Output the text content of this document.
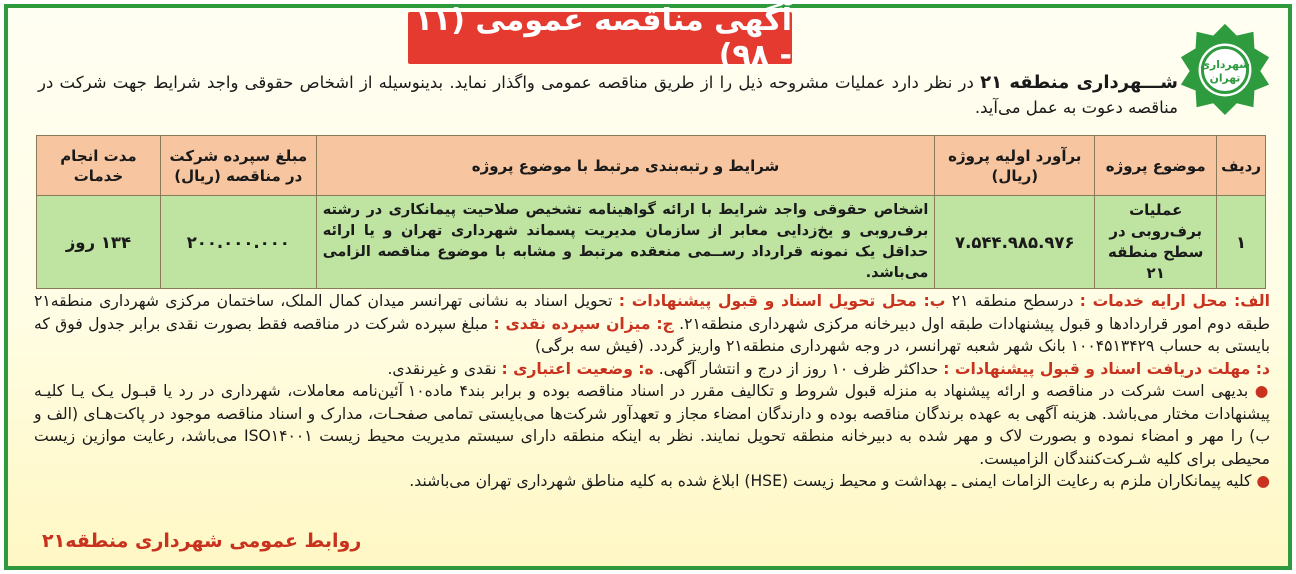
شهرداری
تهران
آگهی مناقصه عمومی (۱۱ - ۹۸)
شـــهرداری منطقه ۲۱ در نظر دارد عملیات مشروحه ذیل را از طریق مناقصه عمومی واگذار نماید. بدینوسیله از اشخاص حقوقی واجد شرایط جهت شرکت در مناقصه دعوت به عمل می‌آید.
ردیف	موضوع پروژه	برآورد اولیه پروژه (ریال)	شرایط و رتبه‌بندی مرتبط با موضوع پروژه	مبلغ سپرده شرکت در مناقصه (ریال)	مدت انجام خدمات
۱	عملیات برف‌روبی در سطح منطقه ۲۱	۷.۵۴۴.۹۸۵.۹۷۶	اشخاص حقوقی واجد شرایط با ارائه گواهینامه تشخیص صلاحیت پیمانکاری در رشته برف‌روبی و یخ‌زدایی معابر از سازمان مدیریت پسماند شهرداری تهران و یا ارائه حداقل یک نمونه قرارداد رســمی منعقده مرتبط و مشابه با موضوع مناقصه الزامی می‌باشد.	۲۰۰.۰۰۰.۰۰۰	۱۳۴ روز

الف: محل ارایه خدمات : درسطح منطقه ۲۱ ب: محل تحویل اسناد و قبول پیشنهادات : تحویل اسناد به نشانی تهرانسر میدان کمال الملک، ساختمان مرکزی شهرداری منطقه۲۱ طبقه دوم امور قراردادها و قبول پیشنهادات طبقه اول دبیرخانه مرکزی شهرداری منطقه۲۱. ج: میزان سپرده نقدی : مبلغ سپرده شرکت در مناقصه فقط بصورت نقدی برابر جدول فوق که بایستی به حساب ۱۰۰۴۵۱۳۴۲۹ بانک شهر شعبه تهرانسر، در وجه شهرداری منطقه۲۱ واریز گردد. (فیش سه برگی)

د: مهلت دریافت اسناد و قبول پیشنهادات : حداکثر ظرف ۱۰ روز از درج و انتشار آگهی. ه: وضعیت اعتباری : نقدی و غیرنقدی.

● بدیهی است شرکت در مناقصه و ارائه پیشنهاد به منزله قبول شروط و تکالیف مقرر در اسناد مناقصه بوده و برابر بند۴ ماده۱۰ آئین‌نامه معاملات، شهرداری در رد یا قبـول یـک یـا کلیـه پیشنهادات مختار می‌باشد. هزینه آگهی به عهده برندگان مناقصه بوده و دارندگان امضاء مجاز و تعهدآور شرکت‌ها می‌بایستی تمامی صفحـات، مدارک و اسناد مناقصه موجود در پاکت‌هـای (الف و ب) را مهر و امضاء نموده و بصورت لاک و مهر شده به دبیرخانه منطقه تحویل نمایند. نظر به اینکه منطقه دارای سیستم مدیریت محیط زیست ISO۱۴۰۰۱ می‌باشد، رعایت موازین زیست محیطی برای کلیه شـرکت‌کنندگان الزامیست.

● کلیه پیمانکاران ملزم به رعایت الزامات ایمنی ـ بهداشت و محیط زیست (HSE) ابلاغ شده به کلیه مناطق شهرداری تهران می‌باشند.

روابط عمومی شهرداری منطقه۲۱
